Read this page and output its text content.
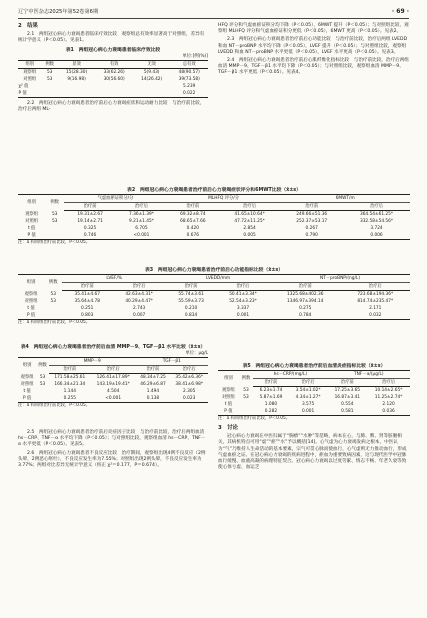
辽宁中医杂志2025年第52卷第6期	· 69 ·

2　结果

2.1　两组冠心病心力衰竭患者临床疗效比较　观察组总有效率显著高于对照组，差异有统计学意义（P＜0.05）。见表1。

表1　两组冠心病心力衰竭患者临床疗效比较

单位:[例(%)]

组别	例数	显效	有效	无效	总有效
观察组	53	15(28.30)	33(62.26)	5(9.43)	48(90.57)
对照组	53	9(16.98)	30(56.60)	14(26.42)	39(73.58)
χ² 值					5.239
P 值					0.022

2.2　两组冠心病心力衰竭患者治疗前后心力衰竭症状和运动耐力比较　与治疗前比较，治疗后两组 ML-

HFQ 评分和气虚血瘀证积分均下降（P＜0.05），6MWT 提升（P＜0.05）；与对照组比较，观察组 MLHFQ 评分和气虚血瘀证积分更低（P＜0.05），6MWT 更高（P＜0.05）。见表2。

2.3　两组冠心病心力衰竭患者治疗前后心功能比较　与治疗前比较，治疗后两组 LVEDD 和血 NT－proBNP 水平均下降（P＜0.05），LVEF 提升（P＜0.05）；与对照组比较，观察组 LVEDD 和血 NT－proBNP 水平更低（P＜0.05），LVEF 水平更高（P＜0.05）。见表3。

2.4　两组冠心病心力衰竭患者治疗前后心肌纤维化指标比较　与治疗前比较，治疗后两组血清 MMP－9、TGF－β1 水平均下降（P＜0.05）；与对照组比较，观察组血清 MMP－9、TGF－β1 水平更低（P＜0.05）。见表4。

表2　两组冠心病心力衰竭患者治疗前后心力衰竭症状评分和6MWT比较（x̄±s）

组别	例数	气虚血瘀证积分/分		MLHFQ 评分/分		6MWT/m	
		治疗前	治疗后	治疗前	治疗后	治疗前	治疗后
观察组	53	19.31±2.67	7.36±1.39*	69.32±8.74	41.65±10.64*	249.66±51.36	364.54±61.25*
对照组	53	19.14±2.71	9.21±1.45*	68.65±7.66	47.72±11.25*	252.37±53.17	332.58±54.56*
t 值		0.325	6.705	0.420	2.854	0.267	3.724
P 值		0.746	<0.001	0.676	0.005	0.790	0.006

注：a 和同组治疗前比较，P＜0.05。

表3　两组冠心病心力衰竭患者治疗前后心功能指标比较（x̄±s）

组别	例数	LVEF/%		LVEDD/mm		NT－proBNP/(ng/L)	
		治疗前	治疗后	治疗前	治疗后	治疗前	治疗后
观察组	53	35.41±4.67	42.63±4.31*	55.74±3.61	50.41±3.34*	1325.68±402.36	723.68±194.36*
对照组	53	35.64±4.78	40.29±4.47*	55.59±3.73	52.54±3.23*	1346.97±394.14	814.74±235.47*
t 值		0.251	2.743	0.210	3.337	0.275	2.171
P 值		0.803	0.007	0.834	0.001	0.784	0.032

注：a 和同组治疗前比较，P＜0.05。

表4　两组冠心病心力衰竭患者治疗前后血清 MMP－9、TGF－β1 水平比较（x̄±s）

单位：μg/L

组别	例数	MMP－9		TGF－β1	
		治疗前	治疗后	治疗前	治疗后
观察组	53	171.58±25.61	126.41±17.89*	48.34±7.25	35.42±6.36*
对照组	53	166.34±21.34	143.19±19.41*	46.29±6.87	38.41±6.98*
t 值		1.144	4.504	1.494	2.305
P 值		0.255	<0.001	0.138	0.023

注：a 和同组治疗前比较，P＜0.05。

表5　两组冠心病心力衰竭患者治疗前后血清炎症指标比较（x̄±s）

组别	例数	hs－CRP/(mg/L)		TNF－α/(μg/L)	
		治疗前	治疗后	治疗前	治疗后
观察组	53	6.23±1.74	3.54±1.02*	17.25±3.65	10.14±2.65*
对照组	53	5.87±1.69	4.34±1.27*	16.87±3.41	11.25±2.74*
t 值		1.080	3.575	0.554	2.120
P 值		0.282	0.001	0.581	0.036

注：a 和同组治疗前比较，P＜0.05。

2.5　两组冠心病心力衰竭患者治疗前后炎症因子比较　与治疗前比较，治疗后两组血清 hs－CRP、TNF－α 水平均下降（P＜0.05）；与对照组比较，观察组血清 hs－CRP、TNF－α 水平更低（P＜0.05）。见表5。

2.6　两组冠心病心力衰竭患者不良反应比较　治疗期间，观察组出现4例不良反应（2例头晕，2例恶心呕吐），不良反应发生率为7.55%；对照组出现2例头晕，不良反应发生率为3.77%；两组对比差异无统计学意义（校正 χ²＝0.177，P＝0.674）。

3　讨论

冠心病心力衰竭在中医归属于“胸痹”“水肿”等范畴，病本在心，与肺、脾、肾等脏腑相关，其病机特点可用“虚”“瘀”“水”予以概括[14]。心气虚为心力衰竭发病之根本，中医认为“气”乃维持人生命活动的基本要素，宗气可贯心脉而使血行，心气虚则无力推动血行，形成气虚血瘀之证。在冠心病心力衰竭的疾病进程中，瘀血为重要致病因素，这与现代医学中冠脉血行缓慢、血液高凝的病理特征契合。冠心病心力衰竭以过度劳累、情志不畅、年老久衰等致使心体亏虚、血运乏
